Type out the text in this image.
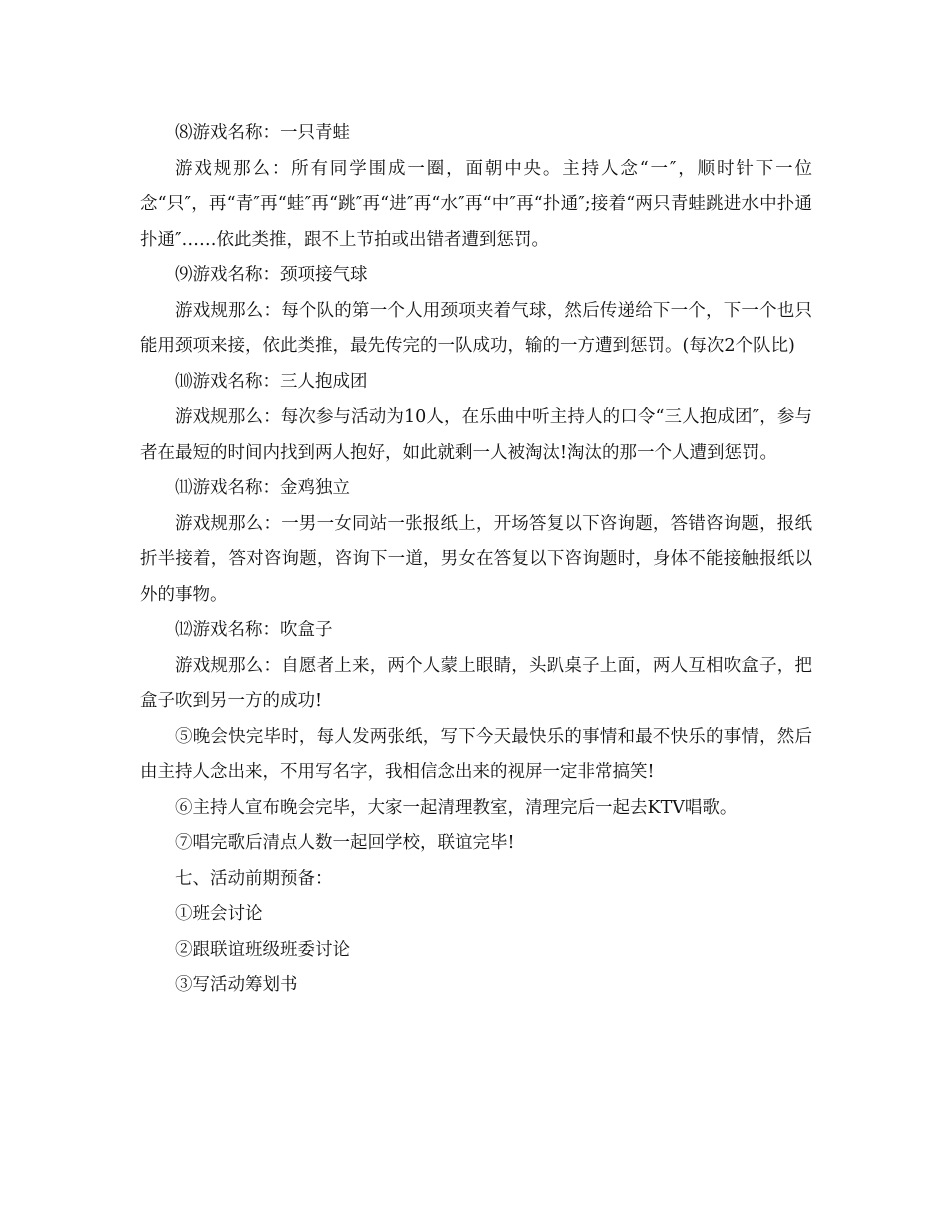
⑻游戏名称：一只青蛙

游戏规那么：所有同学围成一圈，面朝中央。主持人念“一″，顺时针下一位念“只″，再“青″再“蛙″再“跳″再“进″再“水″再“中″再“扑通″;接着“两只青蛙跳进水中扑通扑通″……依此类推，跟不上节拍或出错者遭到惩罚。

⑼游戏名称：颈项接气球

游戏规那么：每个队的第一个人用颈项夹着气球，然后传递给下一个，下一个也只能用颈项来接，依此类推，最先传完的一队成功，输的一方遭到惩罚。(每次2个队比)

⑽游戏名称：三人抱成团

游戏规那么：每次参与活动为10人，在乐曲中听主持人的口令“三人抱成团″，参与者在最短的时间内找到两人抱好，如此就剩一人被淘汰!淘汰的那一个人遭到惩罚。

⑾游戏名称：金鸡独立

游戏规那么：一男一女同站一张报纸上，开场答复以下咨询题，答错咨询题，报纸折半接着，答对咨询题，咨询下一道，男女在答复以下咨询题时，身体不能接触报纸以外的事物。

⑿游戏名称：吹盒子

游戏规那么：自愿者上来，两个人蒙上眼睛，头趴桌子上面，两人互相吹盒子，把盒子吹到另一方的成功!

⑤晚会快完毕时，每人发两张纸，写下今天最快乐的事情和最不快乐的事情，然后由主持人念出来，不用写名字，我相信念出来的视屏一定非常搞笑!

⑥主持人宣布晚会完毕，大家一起清理教室，清理完后一起去KTV唱歌。

⑦唱完歌后清点人数一起回学校，联谊完毕!

七、活动前期预备：

①班会讨论

②跟联谊班级班委讨论

③写活动筹划书
